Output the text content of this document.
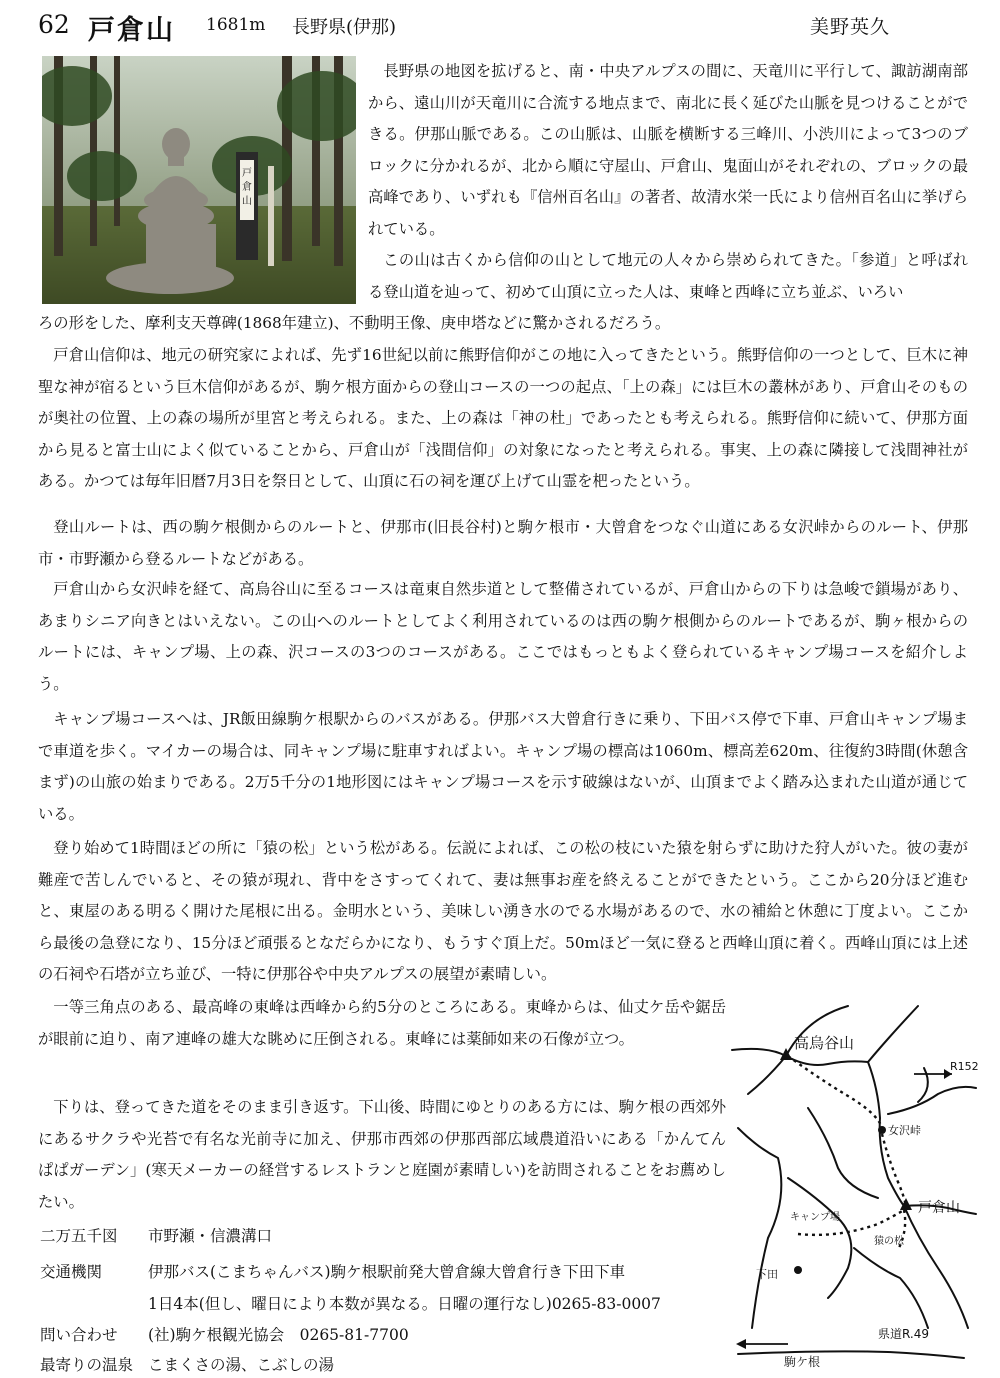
62 戸倉山 1681m 長野県(伊那)	美野英久
戸
倉
山

長野県の地図を拡げると、南・中央アルプスの間に、天竜川に平行して、諏訪湖南部から、遠山川が天竜川に合流する地点まで、南北に長く延びた山脈を見つけることができる。伊那山脈である。この山脈は、山脈を横断する三峰川、小渋川によって3つのブロックに分かれるが、北から順に守屋山、戸倉山、鬼面山がそれぞれの、ブロックの最高峰であり、いずれも『信州百名山』の著者、故清水栄一氏により信州百名山に挙げられている。

この山は古くから信仰の山として地元の人々から崇められてきた。「参道」と呼ばれる登山道を辿って、初めて山頂に立った人は、東峰と西峰に立ち並ぶ、いろい

ろの形をした、摩利支天尊碑(1868年建立)、不動明王像、庚申塔などに驚かされるだろう。

戸倉山信仰は、地元の研究家によれば、先ず16世紀以前に熊野信仰がこの地に入ってきたという。熊野信仰の一つとして、巨木に神聖な神が宿るという巨木信仰があるが、駒ケ根方面からの登山コースの一つの起点、「上の森」には巨木の叢林があり、戸倉山そのものが奥社の位置、上の森の場所が里宮と考えられる。また、上の森は「神の杜」であったとも考えられる。熊野信仰に続いて、伊那方面から見ると富士山によく似ていることから、戸倉山が「浅間信仰」の対象になったと考えられる。事実、上の森に隣接して浅間神社がある。かつては毎年旧暦7月3日を祭日として、山頂に石の祠を運び上げて山霊を杷ったという。

登山ルートは、西の駒ケ根側からのルートと、伊那市(旧長谷村)と駒ケ根市・大曾倉をつなぐ山道にある女沢峠からのルート、伊那市・市野瀬から登るルートなどがある。

戸倉山から女沢峠を経て、高烏谷山に至るコースは竜東自然歩道として整備されているが、戸倉山からの下りは急峻で鎖場があり、あまりシニア向きとはいえない。この山へのルートとしてよく利用されているのは西の駒ケ根側からのルートであるが、駒ヶ根からのルートには、キャンプ場、上の森、沢コースの3つのコースがある。ここではもっともよく登られているキャンプ場コースを紹介しよう。

キャンプ場コースへは、JR飯田線駒ケ根駅からのバスがある。伊那バス大曾倉行きに乗り、下田バス停で下車、戸倉山キャンプ場まで車道を歩く。マイカーの場合は、同キャンプ場に駐車すればよい。キャンプ場の標高は1060m、標高差620m、往復約3時間(休憩含まず)の山旅の始まりである。2万5千分の1地形図にはキャンプ場コースを示す破線はないが、山頂までよく踏み込まれた山道が通じている。

登り始めて1時間ほどの所に「猿の松」という松がある。伝説によれば、この松の枝にいた猿を射らずに助けた狩人がいた。彼の妻が難産で苦しんでいると、その猿が現れ、背中をさすってくれて、妻は無事お産を終えることができたという。ここから20分ほど進むと、東屋のある明るく開けた尾根に出る。金明水という、美味しい湧き水のでる水場があるので、水の補給と休憩に丁度よい。ここから最後の急登になり、15分ほど頑張るとなだらかになり、もうすぐ頂上だ。50mほど一気に登ると西峰山頂に着く。西峰山頂には上述の石祠や石塔が立ち並び、一特に伊那谷や中央アルプスの展望が素晴しい。

一等三角点のある、最高峰の東峰は西峰から約5分のところにある。東峰からは、仙丈ケ岳や鋸岳が眼前に迫り、南ア連峰の雄大な眺めに圧倒される。東峰には薬師如来の石像が立つ。

下りは、登ってきた道をそのまま引き返す。下山後、時間にゆとりのある方には、駒ケ根の西郊外にあるサクラや光苔で有名な光前寺に加え、伊那市西郊の伊那西部広域農道沿いにある「かんてんぱぱガーデン」(寒天メーカーの経営するレストランと庭園が素晴しい)を訪問されることをお薦めしたい。

二万五千図 市野瀬・信濃溝口
交通機関	伊那バス(こまちゃんバス)駒ケ根駅前発大曾倉線大曾倉行き下田下車
1日4本(但し、曜日により本数が異なる。日曜の運行なし)0265-83-0007
問い合わせ (社)駒ケ根観光協会　0265-81-7700
最寄りの温泉 こまくさの湯、こぶしの湯
高烏谷山
R152
女沢峠
戸倉山
キャンプ場
猿の松
下田
駒ケ根
県道R.49
